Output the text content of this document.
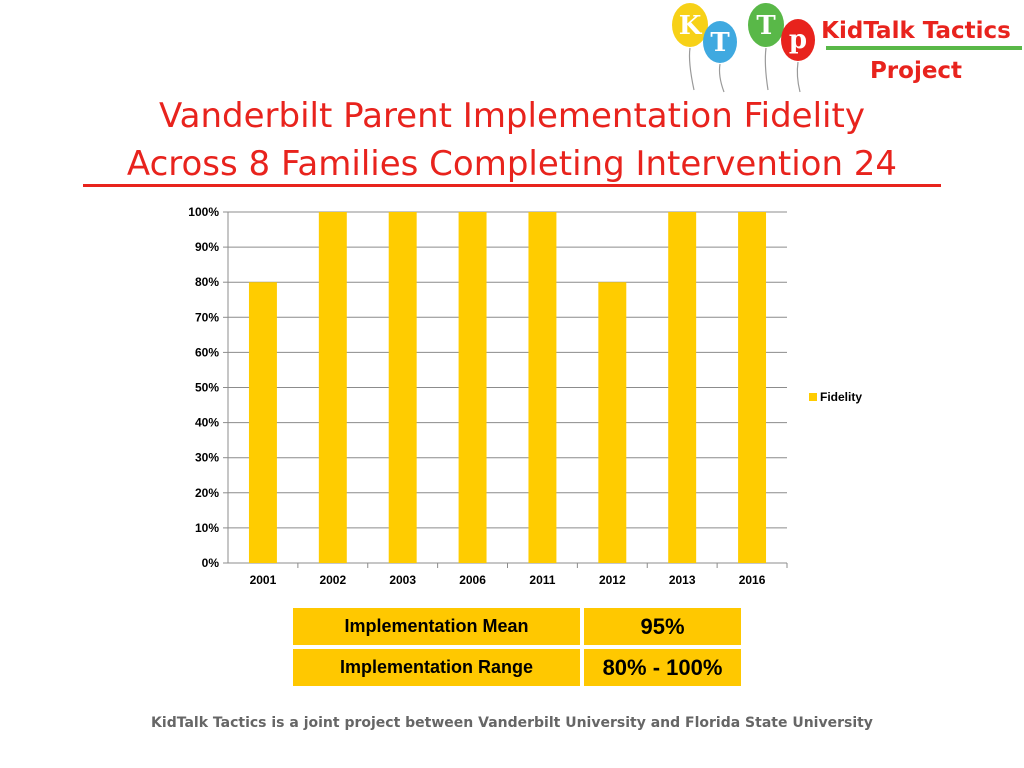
K
T
T p KidTalk Tactics
Project
Vanderbilt Parent Implementation Fidelity
Across 8 Families Completing Intervention 24
0%
10%
20%
30%
40%
50%
60%
70%
80%
90%
100%
2001	2002	2003	2006	2011	2012	2013	2016
Fidelity
Implementation Mean	95%
Implementation Range	80% - 100%
KidTalk Tactics is a joint project between Vanderbilt University and Florida State University
